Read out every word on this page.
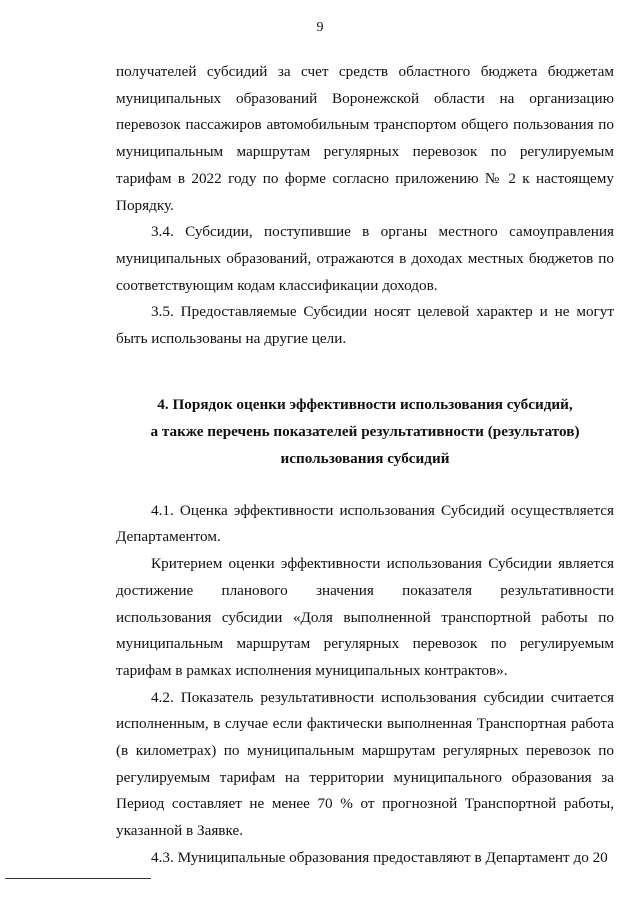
9

получателей субсидий за счет средств областного бюджета бюджетам муниципальных образований Воронежской области на организацию перевозок пассажиров автомобильным транспортом общего пользования по муниципальным маршрутам регулярных перевозок по регулируемым тарифам в 2022 году по форме согласно приложению № 2 к настоящему Порядку.

3.4. Субсидии, поступившие в органы местного самоуправления муниципальных образований, отражаются в доходах местных бюджетов по соответствующим кодам классификации доходов.

3.5. Предоставляемые Субсидии носят целевой характер и не могут быть использованы на другие цели.

4. Порядок оценки эффективности использования субсидий,
а также перечень показателей результативности (результатов)
использования субсидий

4.1. Оценка эффективности использования Субсидий осуществляется Департаментом.

Критерием оценки эффективности использования Субсидии является достижение планового значения показателя результативности использования субсидии «Доля выполненной транспортной работы по муниципальным маршрутам регулярных перевозок по регулируемым тарифам в рамках исполнения муниципальных контрактов».

4.2. Показатель результативности использования субсидии считается исполненным, в случае если фактически выполненная Транспортная работа (в километрах) по муниципальным маршрутам регулярных перевозок по регулируемым тарифам на территории муниципального образования за Период составляет не менее 70 % от прогнозной Транспортной работы, указанной в Заявке.

4.3. Муниципальные образования предоставляют в Департамент до 20
